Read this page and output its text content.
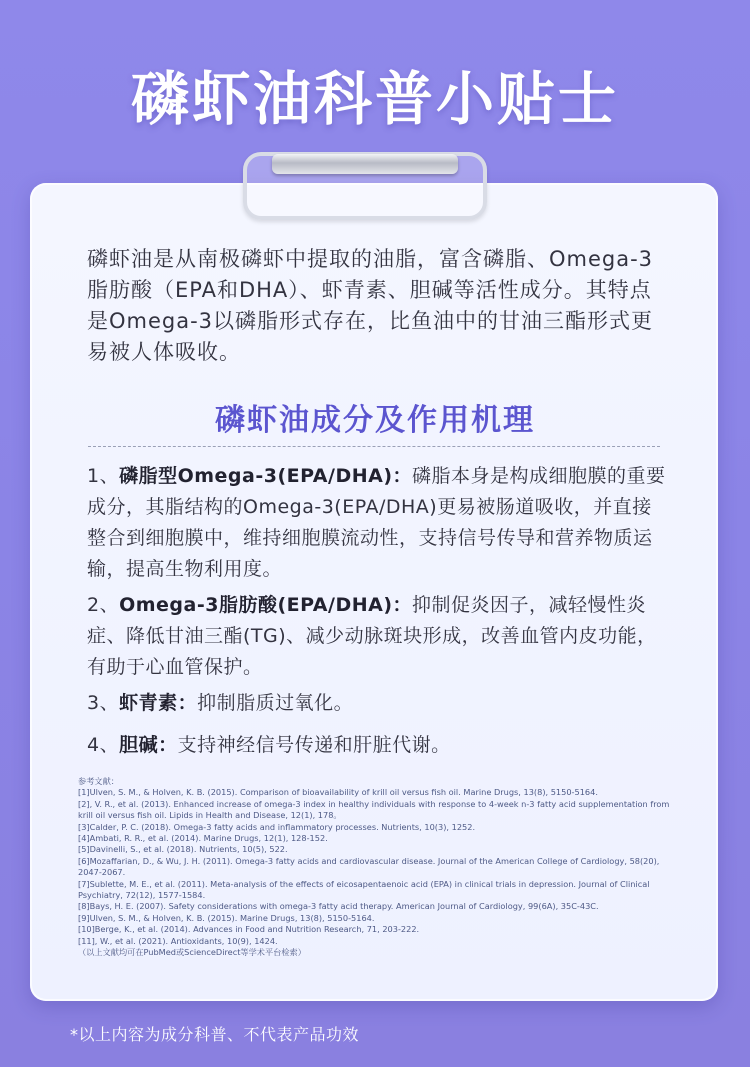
磷虾油科普小贴士
磷虾油是从南极磷虾中提取的油脂，富含磷脂、Omega-3脂肪酸（EPA和DHA）、虾青素、胆碱等活性成分。其特点是Omega-3以磷脂形式存在，比鱼油中的甘油三酯形式更易被人体吸收。
磷虾油成分及作用机理
1、磷脂型Omega-3(EPA/DHA)：磷脂本身是构成细胞膜的重要成分，其脂结构的Omega-3(EPA/DHA)更易被肠道吸收，并直接整合到细胞膜中，维持细胞膜流动性，支持信号传导和营养物质运输，提高生物利用度。
2、Omega-3脂肪酸(EPA/DHA)：抑制促炎因子，减轻慢性炎症、降低甘油三酯(TG)、减少动脉斑块形成，改善血管内皮功能，有助于心血管保护。
3、虾青素：抑制脂质过氧化。
4、胆碱：支持神经信号传递和肝脏代谢。
参考文献：
[1]Ulven, S. M., & Holven, K. B. (2015). Comparison of bioavailability of krill oil versus fish oil. Marine Drugs, 13(8), 5150-5164.
[2], V. R., et al. (2013). Enhanced increase of omega-3 index in healthy individuals with response to 4-week n-3 fatty acid supplementation from krill oil versus fish oil. Lipids in Health and Disease, 12(1), 178。
[3]Calder, P. C. (2018). Omega-3 fatty acids and inflammatory processes. Nutrients, 10(3), 1252.
[4]Ambati, R. R., et al. (2014). Marine Drugs, 12(1), 128-152.
[5]Davinelli, S., et al. (2018). Nutrients, 10(5), 522.
[6]Mozaffarian, D., & Wu, J. H. (2011). Omega-3 fatty acids and cardiovascular disease. Journal of the American College of Cardiology, 58(20), 2047-2067.
[7]Sublette, M. E., et al. (2011). Meta-analysis of the effects of eicosapentaenoic acid (EPA) in clinical trials in depression. Journal of Clinical Psychiatry, 72(12), 1577-1584.
[8]Bays, H. E. (2007). Safety considerations with omega-3 fatty acid therapy. American Journal of Cardiology, 99(6A), 35C-43C.
[9]Ulven, S. M., & Holven, K. B. (2015). Marine Drugs, 13(8), 5150-5164.
[10]Berge, K., et al. (2014). Advances in Food and Nutrition Research, 71, 203-222.
[11], W., et al. (2021). Antioxidants, 10(9), 1424.
（以上文献均可在PubMed或ScienceDirect等学术平台检索）
*以上内容为成分科普、不代表产品功效
